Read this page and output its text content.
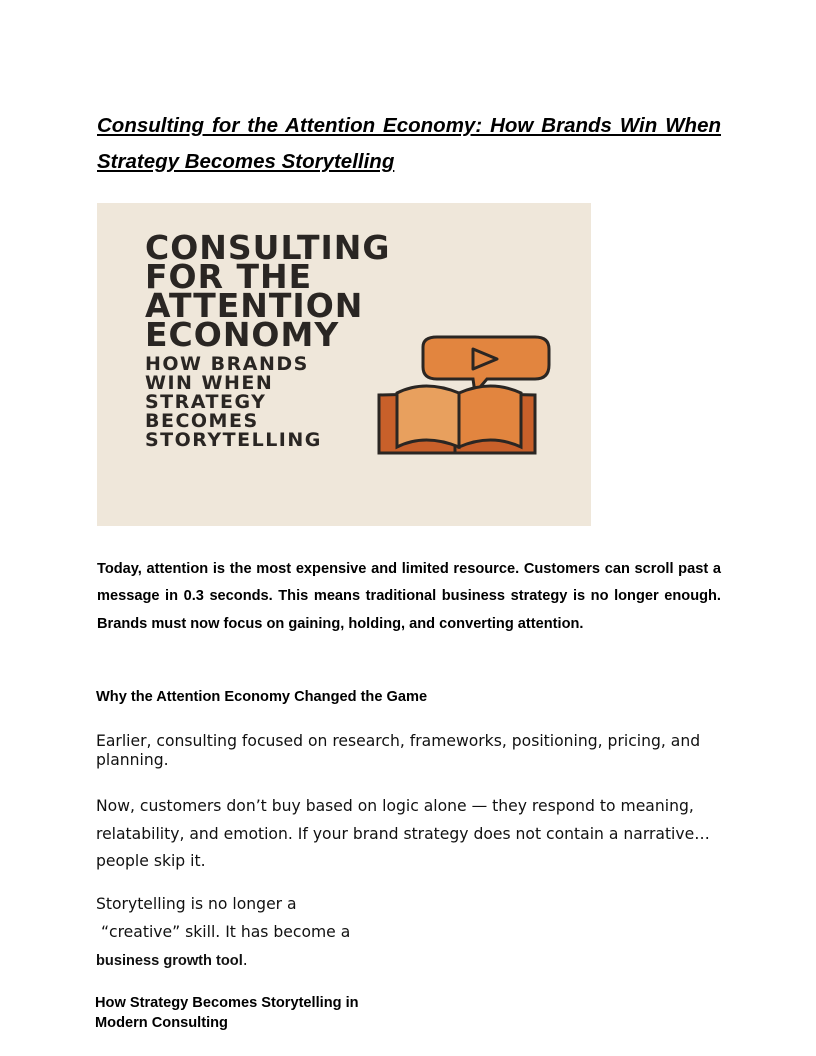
Consulting for the Attention Economy: How Brands Win When Strategy Becomes Storytelling
CONSULTING
FOR THE
ATTENTION
ECONOMY
HOW BRANDS
WIN WHEN
STRATEGY
BECOMES
STORYTELLING

Today, attention is the most expensive and limited resource. Customers can scroll past a message in 0.3 seconds. This means traditional business strategy is no longer enough. Brands must now focus on gaining, holding, and converting attention.

Why the Attention Economy Changed the Game

Earlier, consulting focused on research, frameworks, positioning, pricing, and planning.

Now, customers don’t buy based on logic alone — they respond to meaning, relatability, and emotion. If your brand strategy does not contain a narrative… people skip it.

Storytelling is no longer a
“creative” skill. It has become a
business growth tool.

How Strategy Becomes Storytelling in Modern Consulting
